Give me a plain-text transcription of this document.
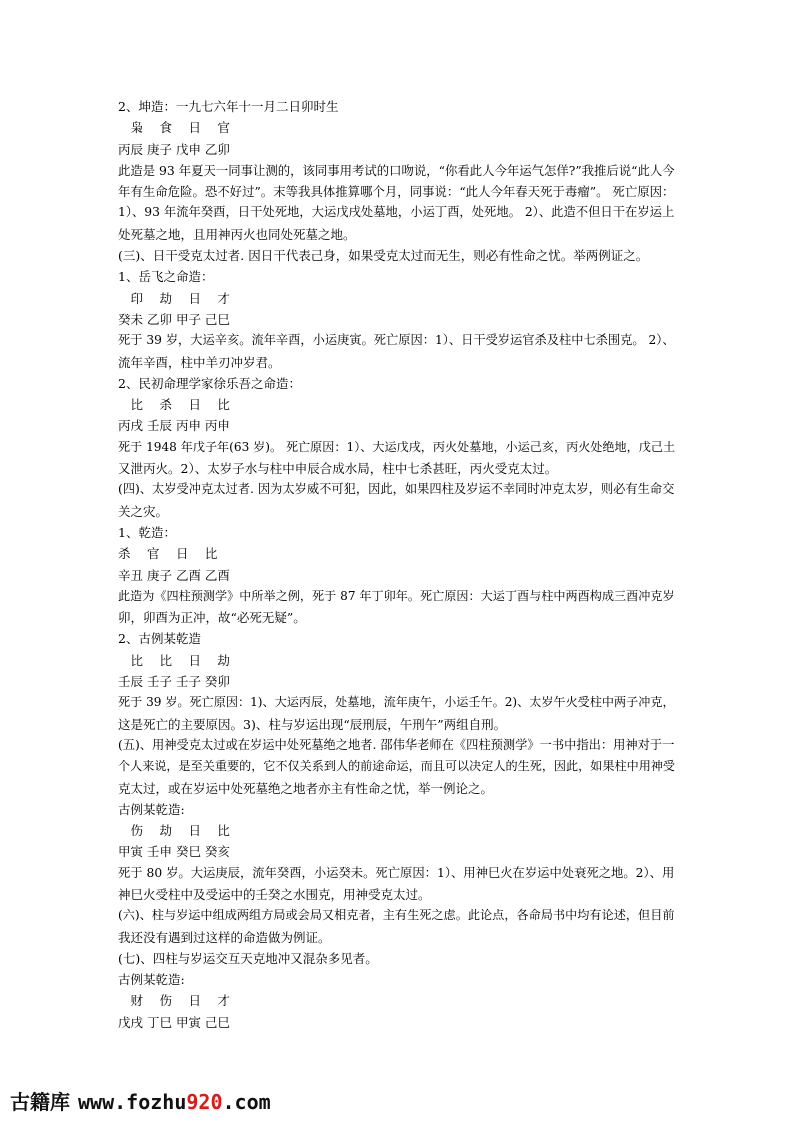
2、坤造：一九七六年十一月二日卯时生
　枭　 食　 日　 官
丙辰 庚子 戊申 乙卯
此造是 93 年夏天一同事让测的，该同事用考试的口吻说，“你看此人今年运气怎佯?”我推后说“此人今
年有生命危险。恐不好过”。末等我具体推算哪个月，同事说：“此人今年春天死于毒瘤”。 死亡原因：
1）、93 年流年癸酉，日干处死地，大运戊戌处墓地，小运丁酉，处死地。 2）、此造不但日干在岁运上
处死墓之地，且用神丙火也同处死墓之地。
(三)、日干受克太过者. 因日干代表己身，如果受克太过而无生，则必有性命之忧。举两例证之。
1、岳飞之命造：
　印　 劫　 日　 才
癸未 乙卯 甲子 己巳
死于 39 岁，大运辛亥。流年辛酉，小运庚寅。死亡原因：1）、日干受岁运官杀及柱中七杀围克。 2）、
流年辛酉，柱中羊刃冲岁君。
2、民初命理学家徐乐吾之命造：
　比　 杀　 日　 比
丙戌 壬辰 丙申 丙申
死于 1948 年戊子年(63 岁)。 死亡原因：1）、大运戊戌，丙火处墓地，小运己亥，丙火处绝地，戊己土
又泄丙火。2）、太岁子水与柱中申辰合成水局，柱中七杀甚旺，丙火受克太过。
(四)、太岁受冲克太过者. 因为太岁威不可犯，因此，如果四柱及岁运不幸同时冲克太岁，则必有生命交
关之灾。
1、乾造：
杀　 官　 日　 比
辛丑 庚子 乙酉 乙酉
此造为《四柱预测学》中所举之例，死于 87 年丁卯年。死亡原因：大运丁酉与柱中两酉构成三酉冲克岁
卯，卯酉为正冲，故“必死无疑”。
2、古例某乾造
　比　 比　 日　 劫
壬辰 壬子 壬子 癸卯
死于 39 岁。死亡原因：1)、大运丙辰，处墓地，流年庚午，小运壬午。2)、太岁午火受柱中两子冲克，
这是死亡的主要原因。3)、柱与岁运出现“辰刑辰，午刑午”两组自刑。
(五)、用神受克太过或在岁运中处死墓绝之地者. 邵伟华老师在《四柱预测学》一书中指出：用神对于一
个人来说，是至关重要的，它不仅关系到人的前途命运，而且可以决定人的生死，因此，如果柱中用神受
克太过，或在岁运中处死墓绝之地者亦主有性命之忧，举一例论之。
古例某乾造:
　伤　 劫　 日　 比
甲寅 壬申 癸巳 癸亥
死于 80 岁。大运庚辰，流年癸酉，小运癸未。死亡原因：1）、用神巳火在岁运中处衰死之地。2）、用
神巳火受柱中及受运中的壬癸之水围克，用神受克太过。
(六)、柱与岁运中组成两组方局或会局又相克者，主有生死之虑。此论点，各命局书中均有论述，但目前
我还没有遇到过这样的命造做为例证。
(七)、四柱与岁运交互天克地冲又混杂多见者。
古例某乾造:
　财　 伤　 日　 才
戊戌 丁巳 甲寅 己巳
古籍库 www.fozhu920.com
